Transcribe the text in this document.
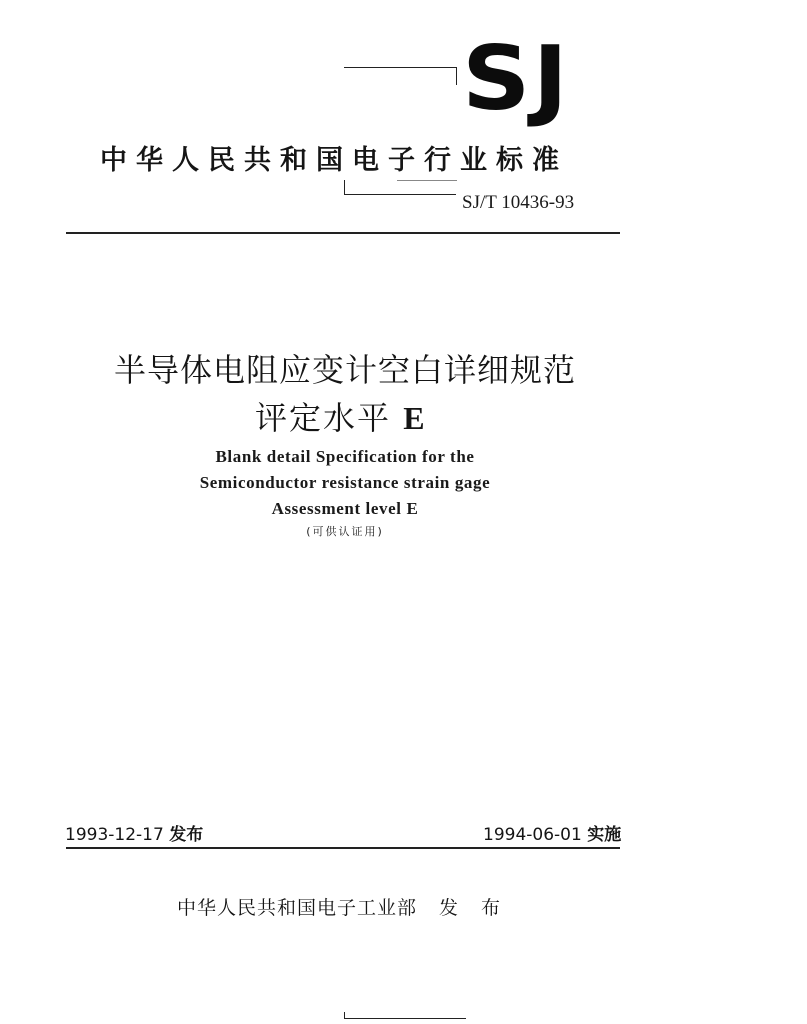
SJ
中华人民共和国电子行业标准
SJ/T 10436-93
半导体电阻应变计空白详细规范
评定水平 E
Blank detail Specification for the
Semiconductor resistance strain gage
Assessment level E
(可供认证用)
1993-12-17 发布	1994-06-01 实施
中华人民共和国电子工业部 发 布
